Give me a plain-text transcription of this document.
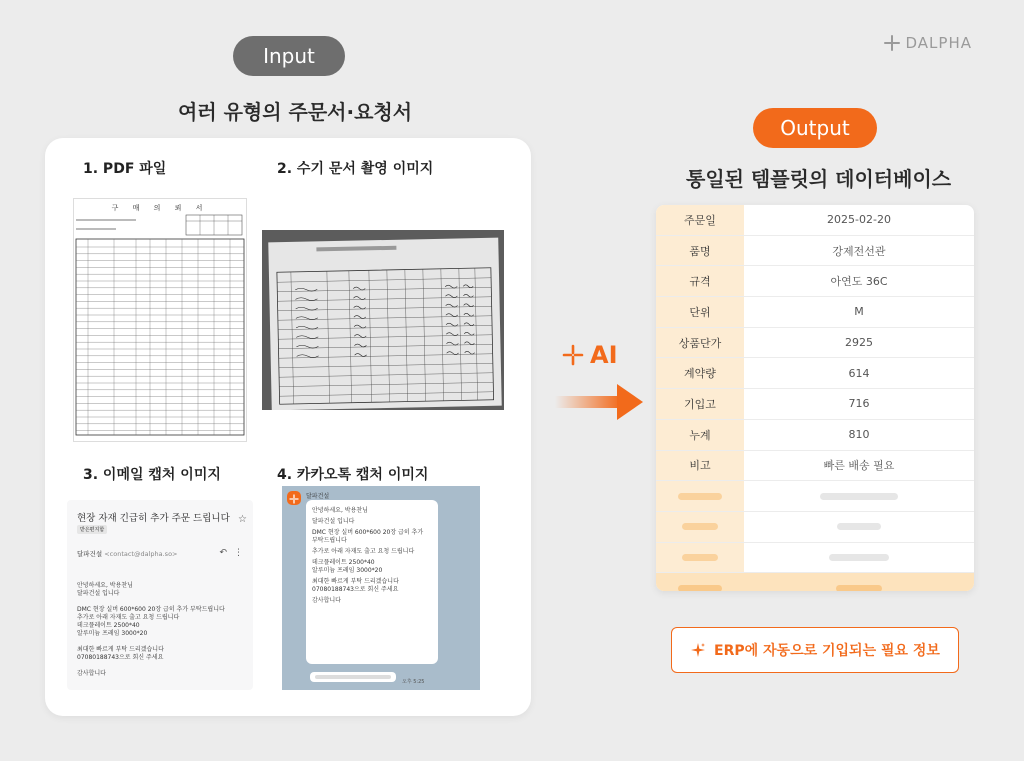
DALPHA
Input
여러 유형의 주문서·요청서
1. PDF 파일	2. 수기 문서 촬영 이미지
3. 이메일 캡처 이미지	4. 카카오톡 캡처 이미지
구 매 의 뢰 서
현장 자재 긴급히 추가 주문 드립니다 ☆
받은편지함
달파건설 <contact@dalpha.so>	↶ ⋮
안녕하세요, 박용찬님
달파건설 입니다

DMC 현장 실버 600*600 20장 급히 추가 부탁드립니다
추가로 아래 자재도 출고 요청 드립니다
데크플레이트 2500*40
알루미늄 프레임 3000*20

최대한 빠르게 부탁 드리겠습니다
07080188743으로 회신 주세요

감사합니다
달파건설
안녕하세요, 박용찬님

달파건설 입니다

DMC 현장 실버 600*600 20장 급히 추가
부탁드립니다

추가로 아래 자재도 출고 요청 드립니다

데크플레이트 2500*40
알루미늄 프레임 3000*20

최대한 빠르게 부탁 드리겠습니다
07080188743으로 회신 주세요

감사합니다
오후 5:25
AI
Output
통일된 템플릿의 데이터베이스
주문일	2025-02-20
품명	강제전선관
규격	아연도 36C
단위	M
상품단가	2925
계약량	614
기입고	716
누계	810
비고	빠른 배송 필요
ERP에 자동으로 기입되는 필요 정보
